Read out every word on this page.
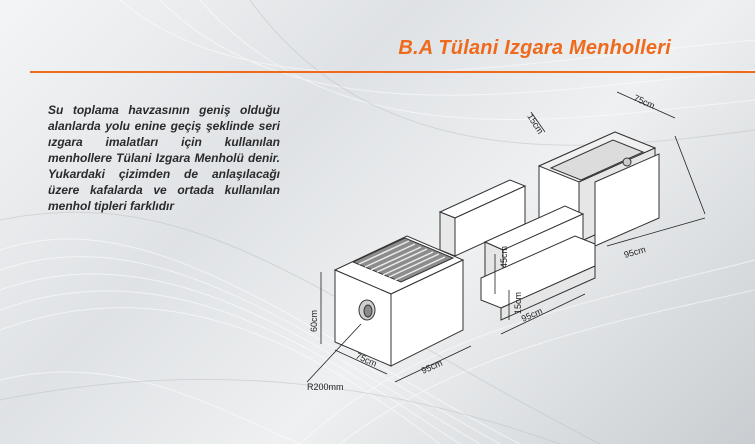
B.A Tülani Izgara Menholleri
Su toplama havzasının geniş olduğu alanlarda yolu enine geçiş şeklinde seri ızgara imalatları için kullanılan menhollere Tülani Izgara Menholü denir. Yukardaki çizimden de anlaşılacağı üzere kafalarda ve ortada kullanılan menhol tipleri farklıdır
75cm
15cm
95cm
45cm
15cm
95cm
60cm
75cm	95cm
R200mm
